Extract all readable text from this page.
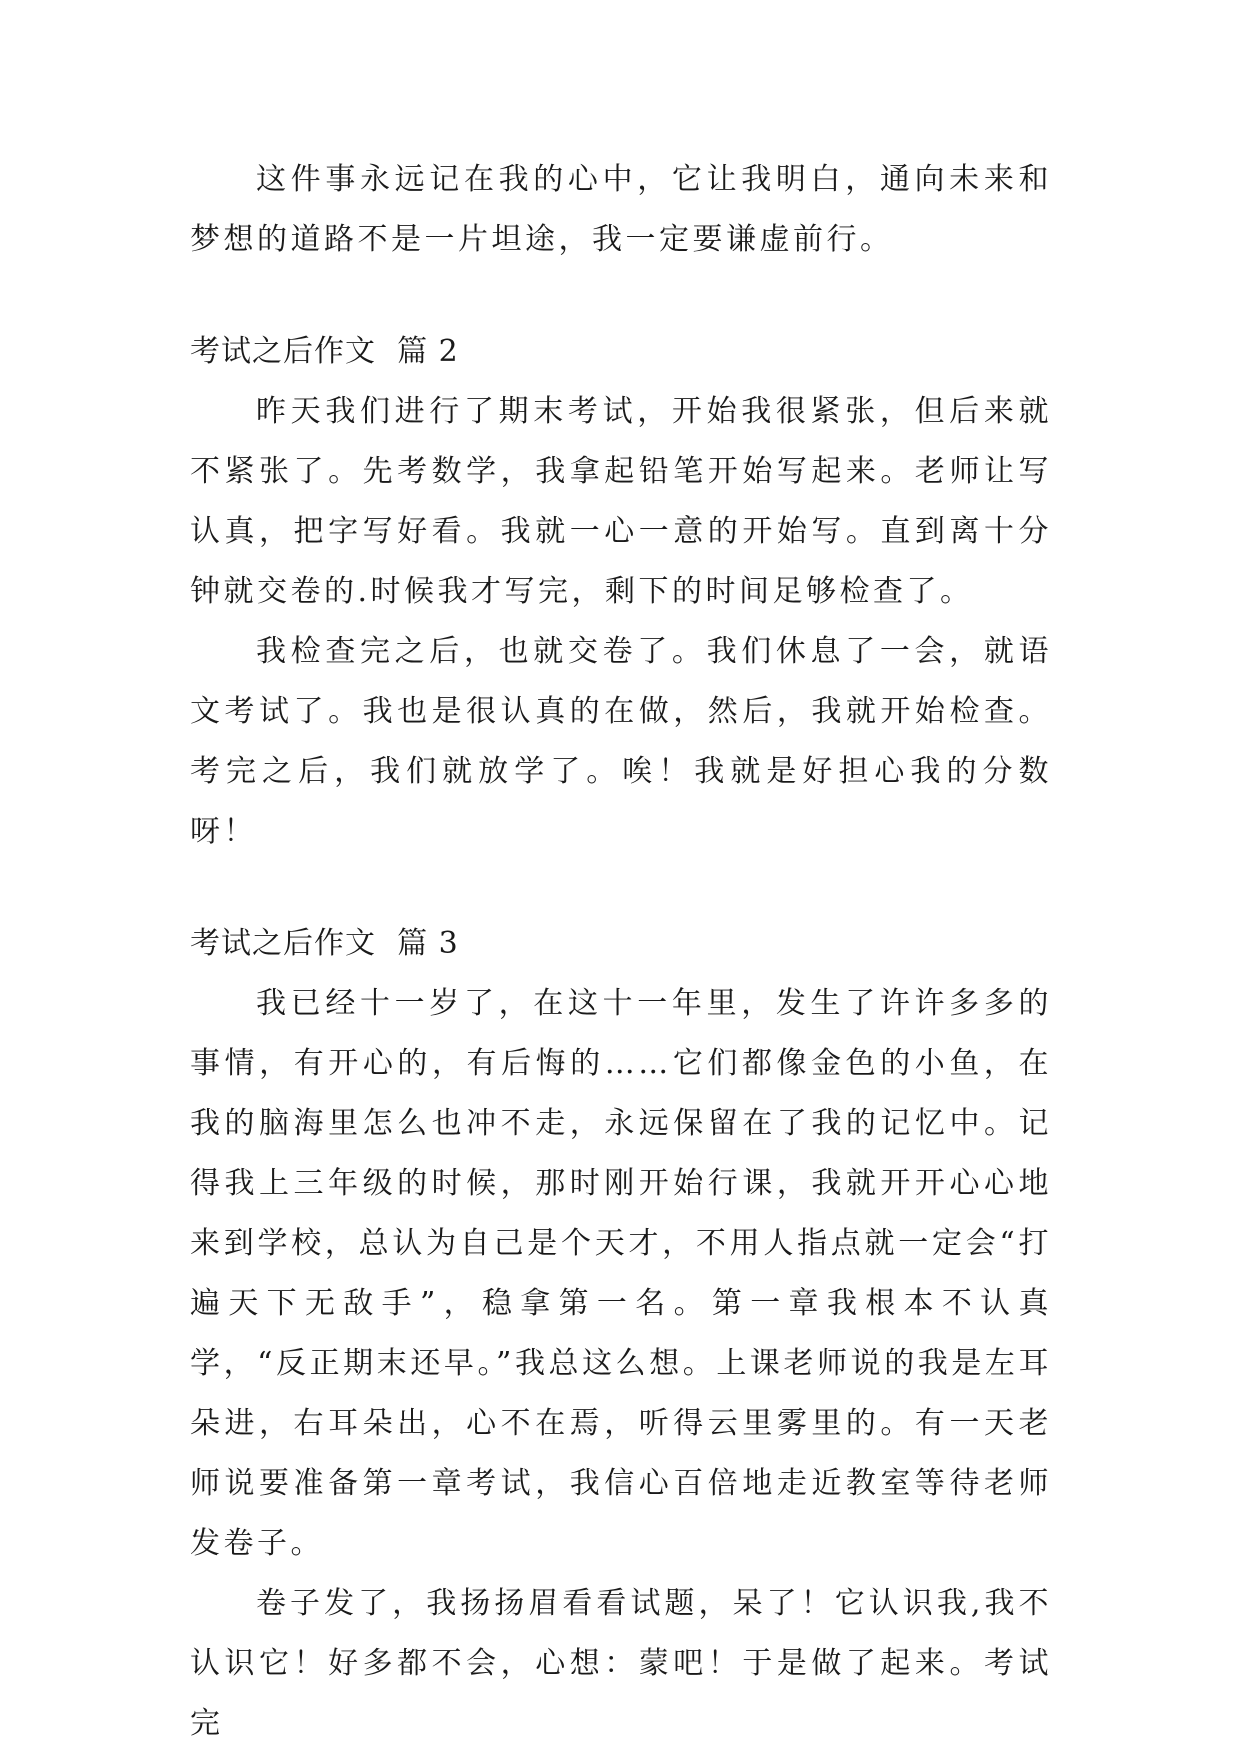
这件事永远记在我的心中，它让我明白，通向未来和梦想的道路不是一片坦途，我一定要谦虚前行。

考试之后作文  篇 2

昨天我们进行了期末考试，开始我很紧张，但后来就不紧张了。先考数学，我拿起铅笔开始写起来。老师让写认真，把字写好看。我就一心一意的开始写。直到离十分钟就交卷的.时候我才写完，剩下的时间足够检查了。

我检查完之后，也就交卷了。我们休息了一会，就语文考试了。我也是很认真的在做，然后，我就开始检查。考完之后，我们就放学了。唉！我就是好担心我的分数呀！

考试之后作文  篇 3

我已经十一岁了，在这十一年里，发生了许许多多的事情，有开心的，有后悔的……它们都像金色的小鱼，在我的脑海里怎么也冲不走，永远保留在了我的记忆中。记得我上三年级的时候，那时刚开始行课，我就开开心心地来到学校，总认为自己是个天才，不用人指点就一定会“打遍天下无敌手”，稳拿第一名。第一章我根本不认真学，“反正期末还早。”我总这么想。上课老师说的我是左耳朵进，右耳朵出，心不在焉，听得云里雾里的。有一天老师说要准备第一章考试，我信心百倍地走近教室等待老师发卷子。

卷子发了，我扬扬眉看看试题，呆了！它认识我,我不认识它！好多都不会，心想：蒙吧！于是做了起来。考试完
